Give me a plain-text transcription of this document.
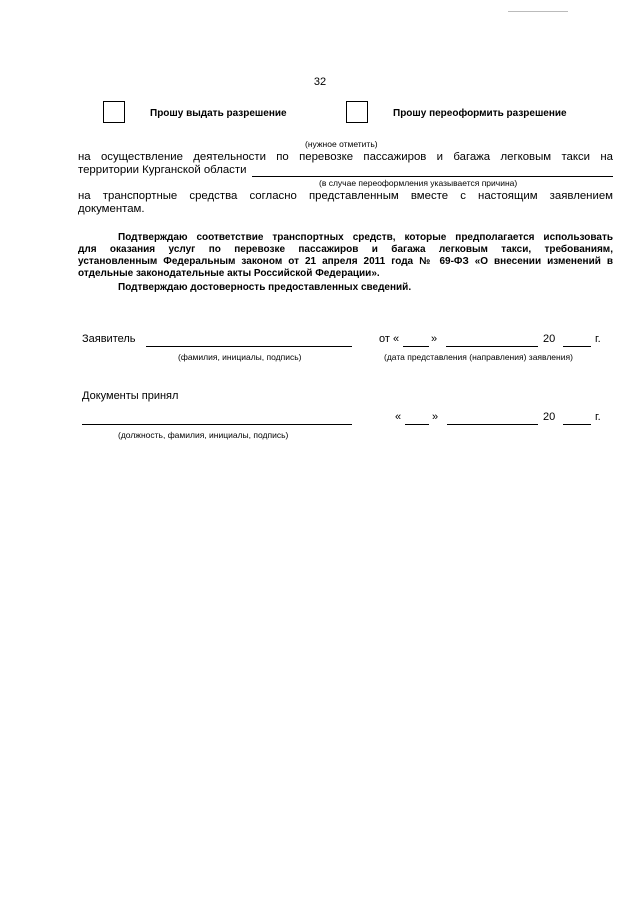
32
Прошу выдать разрешение	Прошу переоформить разрешение
(нужное отметить)
на осуществление деятельности по перевозке пассажиров и багажа легковым такси на
территории Курганской области
(в случае переоформления указывается причина)
на транспортные средства согласно представленным вместе с настоящим заявлением
документам.
Подтверждаю соответствие транспортных средств, которые предполагается использовать
для оказания услуг по перевозке пассажиров и багажа легковым такси, требованиям,
установленным Федеральным законом от 21 апреля 2011 года № 69-ФЗ «О внесении изменений в
отдельные законодательные акты Российской Федерации».
Подтверждаю достоверность предоставленных сведений.
Заявитель
(фамилия, инициалы, подпись)
от «	»	20	г.
(дата представления (направления) заявления)
Документы принял
(должность, фамилия, инициалы, подпись)
«	»	20	г.
